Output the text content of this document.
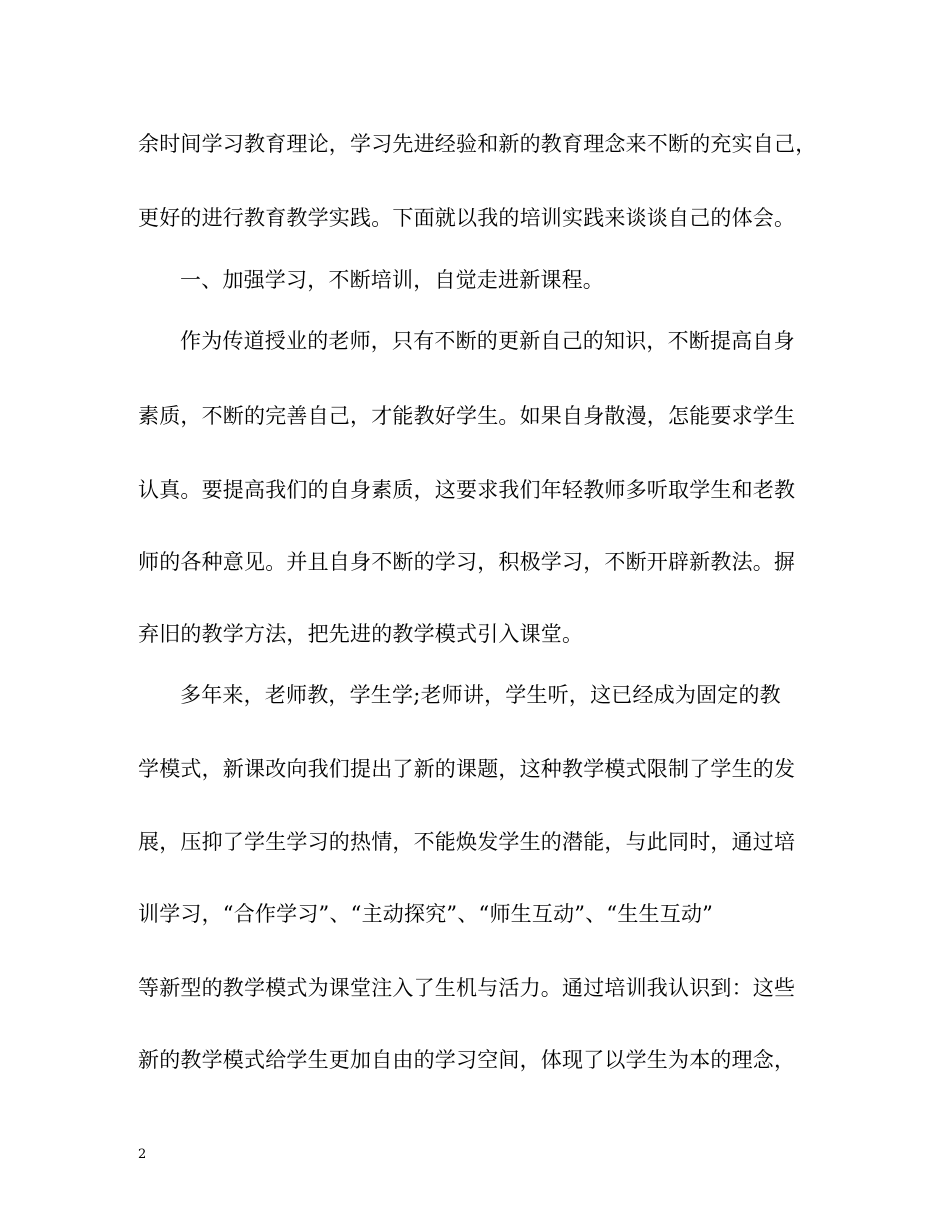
余时间学习教育理论，学习先进经验和新的教育理念来不断的充实自己，
更好的进行教育教学实践。下面就以我的培训实践来谈谈自己的体会。
一、加强学习，不断培训，自觉走进新课程。
作为传道授业的老师，只有不断的更新自己的知识，不断提高自身
素质，不断的完善自己，才能教好学生。如果自身散漫，怎能要求学生
认真。要提高我们的自身素质，这要求我们年轻教师多听取学生和老教
师的各种意见。并且自身不断的学习，积极学习，不断开辟新教法。摒
弃旧的教学方法，把先进的教学模式引入课堂。
多年来，老师教，学生学;老师讲，学生听，这已经成为固定的教
学模式，新课改向我们提出了新的课题，这种教学模式限制了学生的发
展，压抑了学生学习的热情，不能焕发学生的潜能，与此同时，通过培
训学习，“合作学习”、“主动探究”、“师生互动”、“生生互动”
等新型的教学模式为课堂注入了生机与活力。通过培训我认识到：这些
新的教学模式给学生更加自由的学习空间，体现了以学生为本的理念，
2
